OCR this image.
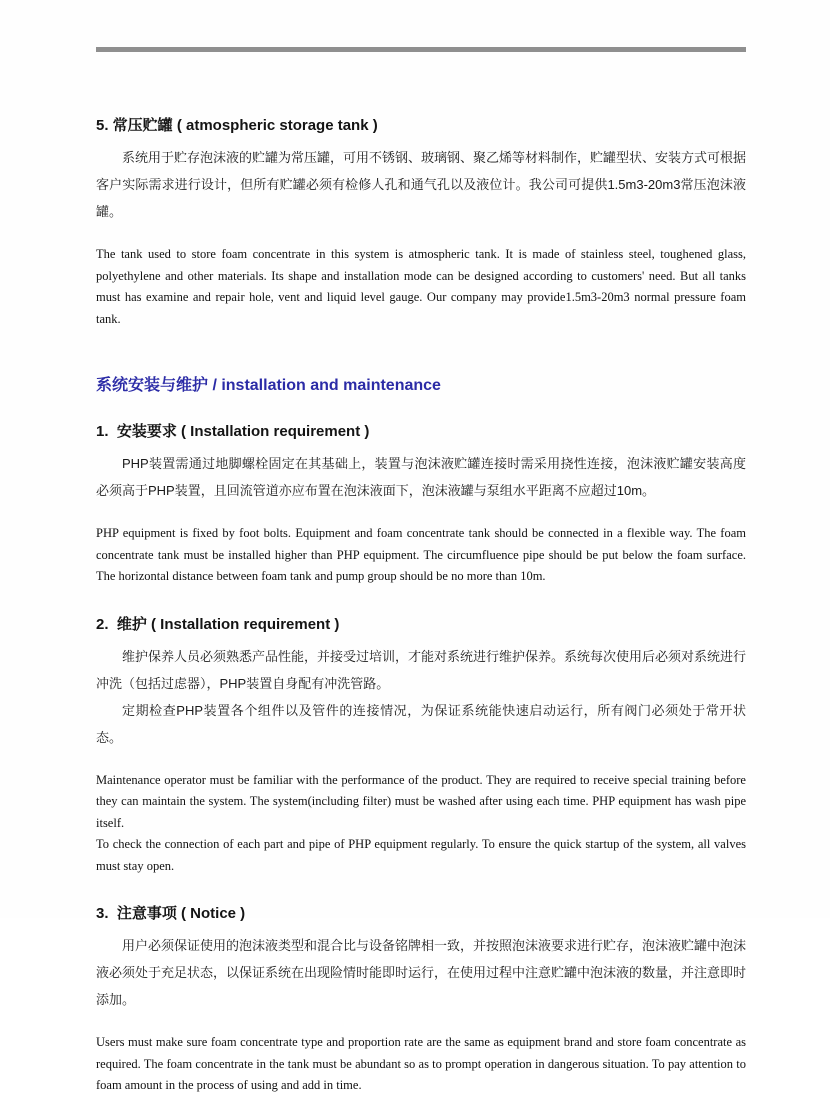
5. 常压贮罐 ( atmospheric storage tank )

系统用于贮存泡沫液的贮罐为常压罐，可用不锈钢、玻璃钢、聚乙烯等材料制作，贮罐型状、安装方式可根据客户实际需求进行设计，但所有贮罐必须有检修人孔和通气孔以及液位计。我公司可提供1.5m3-20m3常压泡沫液罐。

The tank used to store foam concentrate in this system is atmospheric tank. It is made of stainless steel, toughened glass, polyethylene and other materials. Its shape and installation mode can be designed according to customers' need. But all tanks must has examine and repair hole, vent and liquid level gauge. Our company may provide1.5m3-20m3 normal pressure foam tank.

系统安装与维护 / installation and maintenance
1.  安装要求 ( Installation requirement )

PHP装置需通过地脚螺栓固定在其基础上，装置与泡沫液贮罐连接时需采用挠性连接，泡沫液贮罐安装高度必须高于PHP装置，且回流管道亦应布置在泡沫液面下，泡沫液罐与泵组水平距离不应超过10m。

PHP equipment is fixed by foot bolts. Equipment and foam concentrate tank should be connected in a flexible way. The foam concentrate tank must be installed higher than PHP equipment. The circumfluence pipe should be put below the foam surface. The horizontal distance between foam tank and pump group should be no more than 10m.

2.  维护 ( Installation requirement )

维护保养人员必须熟悉产品性能，并接受过培训，才能对系统进行维护保养。系统每次使用后必须对系统进行冲洗（包括过虑器），PHP装置自身配有冲洗管路。

定期检查PHP装置各个组件以及管件的连接情况，为保证系统能快速启动运行，所有阀门必须处于常开状态。

Maintenance operator must be familiar with the performance of the product. They are required to receive special training before they can maintain the system. The system(including filter) must be washed after using each time. PHP equipment has wash pipe itself.

To check the connection of each part and pipe of PHP equipment regularly. To ensure the quick startup of the system, all valves must stay open.

3.  注意事项 ( Notice )

用户必须保证使用的泡沫液类型和混合比与设备铭牌相一致，并按照泡沫液要求进行贮存，泡沫液贮罐中泡沫液必须处于充足状态，以保证系统在出现险情时能即时运行，在使用过程中注意贮罐中泡沫液的数量，并注意即时添加。

Users must make sure foam concentrate type and proportion rate are the same as equipment brand and store foam concentrate as required. The foam concentrate in the tank must be abundant so as to prompt operation in dangerous situation. To pay attention to foam amount in the process of using and add in time.
